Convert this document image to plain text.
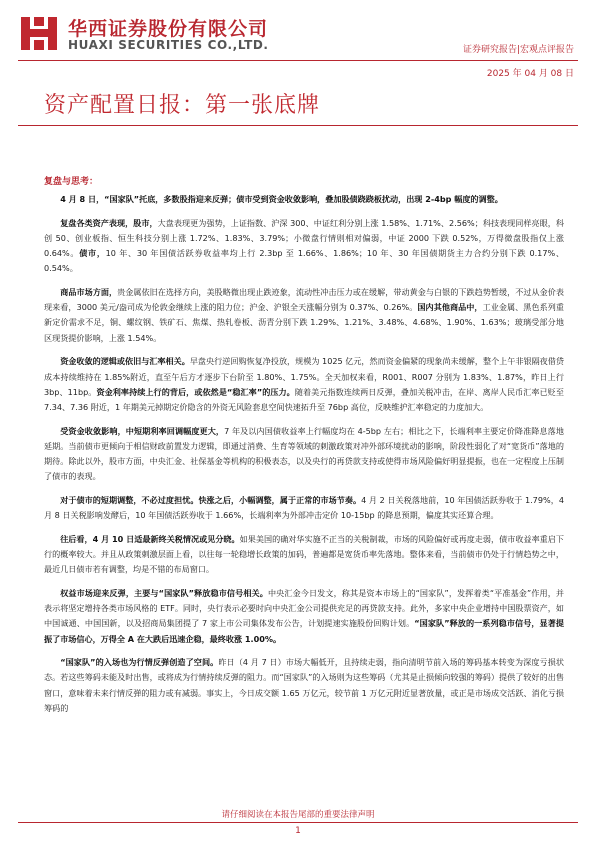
华西证券股份有限公司
HUAXI SECURITIES CO.,LTD.	证券研究报告|宏观点评报告
2025 年 04 月 08 日
资产配置日报：第一张底牌
复盘与思考：

4 月 8 日，“国家队”托底，多数股指迎来反弹；债市受到资金收敛影响，叠加股债跷跷板扰动，出现 2-4bp 幅度的调整。

复盘各类资产表现，股市，大盘表现更为强势，上证指数、沪深 300、中证红利分别上涨 1.58%、1.71%、2.56%；科技表现同样亮眼，科创 50、创业板指、恒生科技分别上涨 1.72%、1.83%、3.79%；小微盘行情则相对偏弱，中证 2000 下跌 0.52%，万得微盘股指仅上涨 0.64%。债市，10 年、30 年国债活跃券收益率均上行 2.3bp 至 1.66%、1.86%；10 年、30 年国债期货主力合约分别下跌 0.17%、0.54%。

商品市场方面，贵金属依旧在选择方向，美股略微出现止跌迹象，流动性冲击压力或在缓解，带动黄金与白银的下跌趋势暂缓，不过从金价表现来看，3000 美元/盎司成为伦敦金继续上涨的阻力位；沪金、沪银全天涨幅分别为 0.37%、0.26%。国内其他商品中，工业金属、黑色系列重新定价需求不足，铜、螺纹钢、铁矿石、焦煤、热轧卷板、沥青分别下跌 1.29%、1.21%、3.48%、4.68%、1.90%、1.63%；玻璃受部分地区现货提价影响，上涨 1.54%。

资金收敛的逻辑或依旧与汇率相关。早盘央行逆回购恢复净投放，规模为 1025 亿元，然而资金偏紧的现象尚未缓解，整个上午非银隔夜借贷成本持续维持在 1.85%附近，直至午后方才逐步下台阶至 1.80%、1.75%。全天加权来看，R001、R007 分别为 1.83%、1.87%，昨日上行 3bp、11bp。资金利率持续上行的背后，或依然是“稳汇率”的压力。随着美元指数连续两日反弹，叠加关税冲击，在岸、离岸人民币汇率已贬至 7.34、7.36 附近，1 年期美元掉期定价隐含的外资无风险套息空间快速拓升至 76bp 高位，反映维护汇率稳定的力度加大。

受资金收敛影响，中短期利率回调幅度更大，7 年及以内国债收益率上行幅度均在 4-5bp 左右；相比之下，长端利率主要定价降准降息落地延期。当前债市更倾向于相信财政前置发力逻辑，即通过消费、生育等领域的刺激政策对冲外部环境扰动的影响，阶段性弱化了对“宽货币”落地的期待。除此以外，股市方面，中央汇金、社保基金等机构的积极表态，以及央行的再贷款支持或使得市场风险偏好明显提振，也在一定程度上压制了债市的表现。

对于债市的短期调整，不必过度担忧。快涨之后，小幅调整，属于正常的市场节奏。4 月 2 日关税落地前，10 年国债活跃券收于 1.79%，4 月 8 日关税影响发酵后，10 年国债活跃券收于 1.66%，长端利率为外部冲击定价 10-15bp 的降息预期，偏度其实还算合理。

往后看，4 月 10 日适最新终关税情况或见分晓。如果美国的确对华实施不正当的关税制裁，市场的风险偏好或再度走弱，债市收益率重启下行的概率较大。并且从政策刺激层面上看，以往每一轮稳增长政策的加码，普遍都是宽货币率先落地。整体来看，当前债市仍处于行情趋势之中，最近几日债市若有调整，均是不错的布局窗口。

权益市场迎来反弹，主要与“国家队”释放稳市信号相关。中央汇金今日发文，称其是资本市场上的“国家队”，发挥着类“平准基金”作用，并表示将坚定增持各类市场风格的 ETF。同时，央行表示必要时向中央汇金公司提供充足的再贷款支持。此外，多家中央企业增持中国股票资产，如中国诚通、中国国新，以及招商局集团提了 7 家上市公司集体发布公告，计划提速实施股份回购计划。“国家队”释放的一系列稳市信号，显著提振了市场信心，万得全 A 在大跌后迅速企稳，最终收涨 1.00%。

“国家队”的入场也为行情反弹创造了空间。昨日（4 月 7 日）市场大幅低开，且持续走弱，指向清明节前入场的筹码基本转变为深度亏损状态。若这些筹码未能及时出售，或将成为行情持续反弹的阻力。而“国家队”的入场则为这些筹码（尤其是止损倾向较强的筹码）提供了较好的出售窗口，意味着未来行情反弹的阻力或有减弱。事实上，今日成交额 1.65 万亿元，较节前 1 万亿元附近显著放量，或正是市场成交活跃、消化亏损筹码的

请仔细阅读在本报告尾部的重要法律声明
1
